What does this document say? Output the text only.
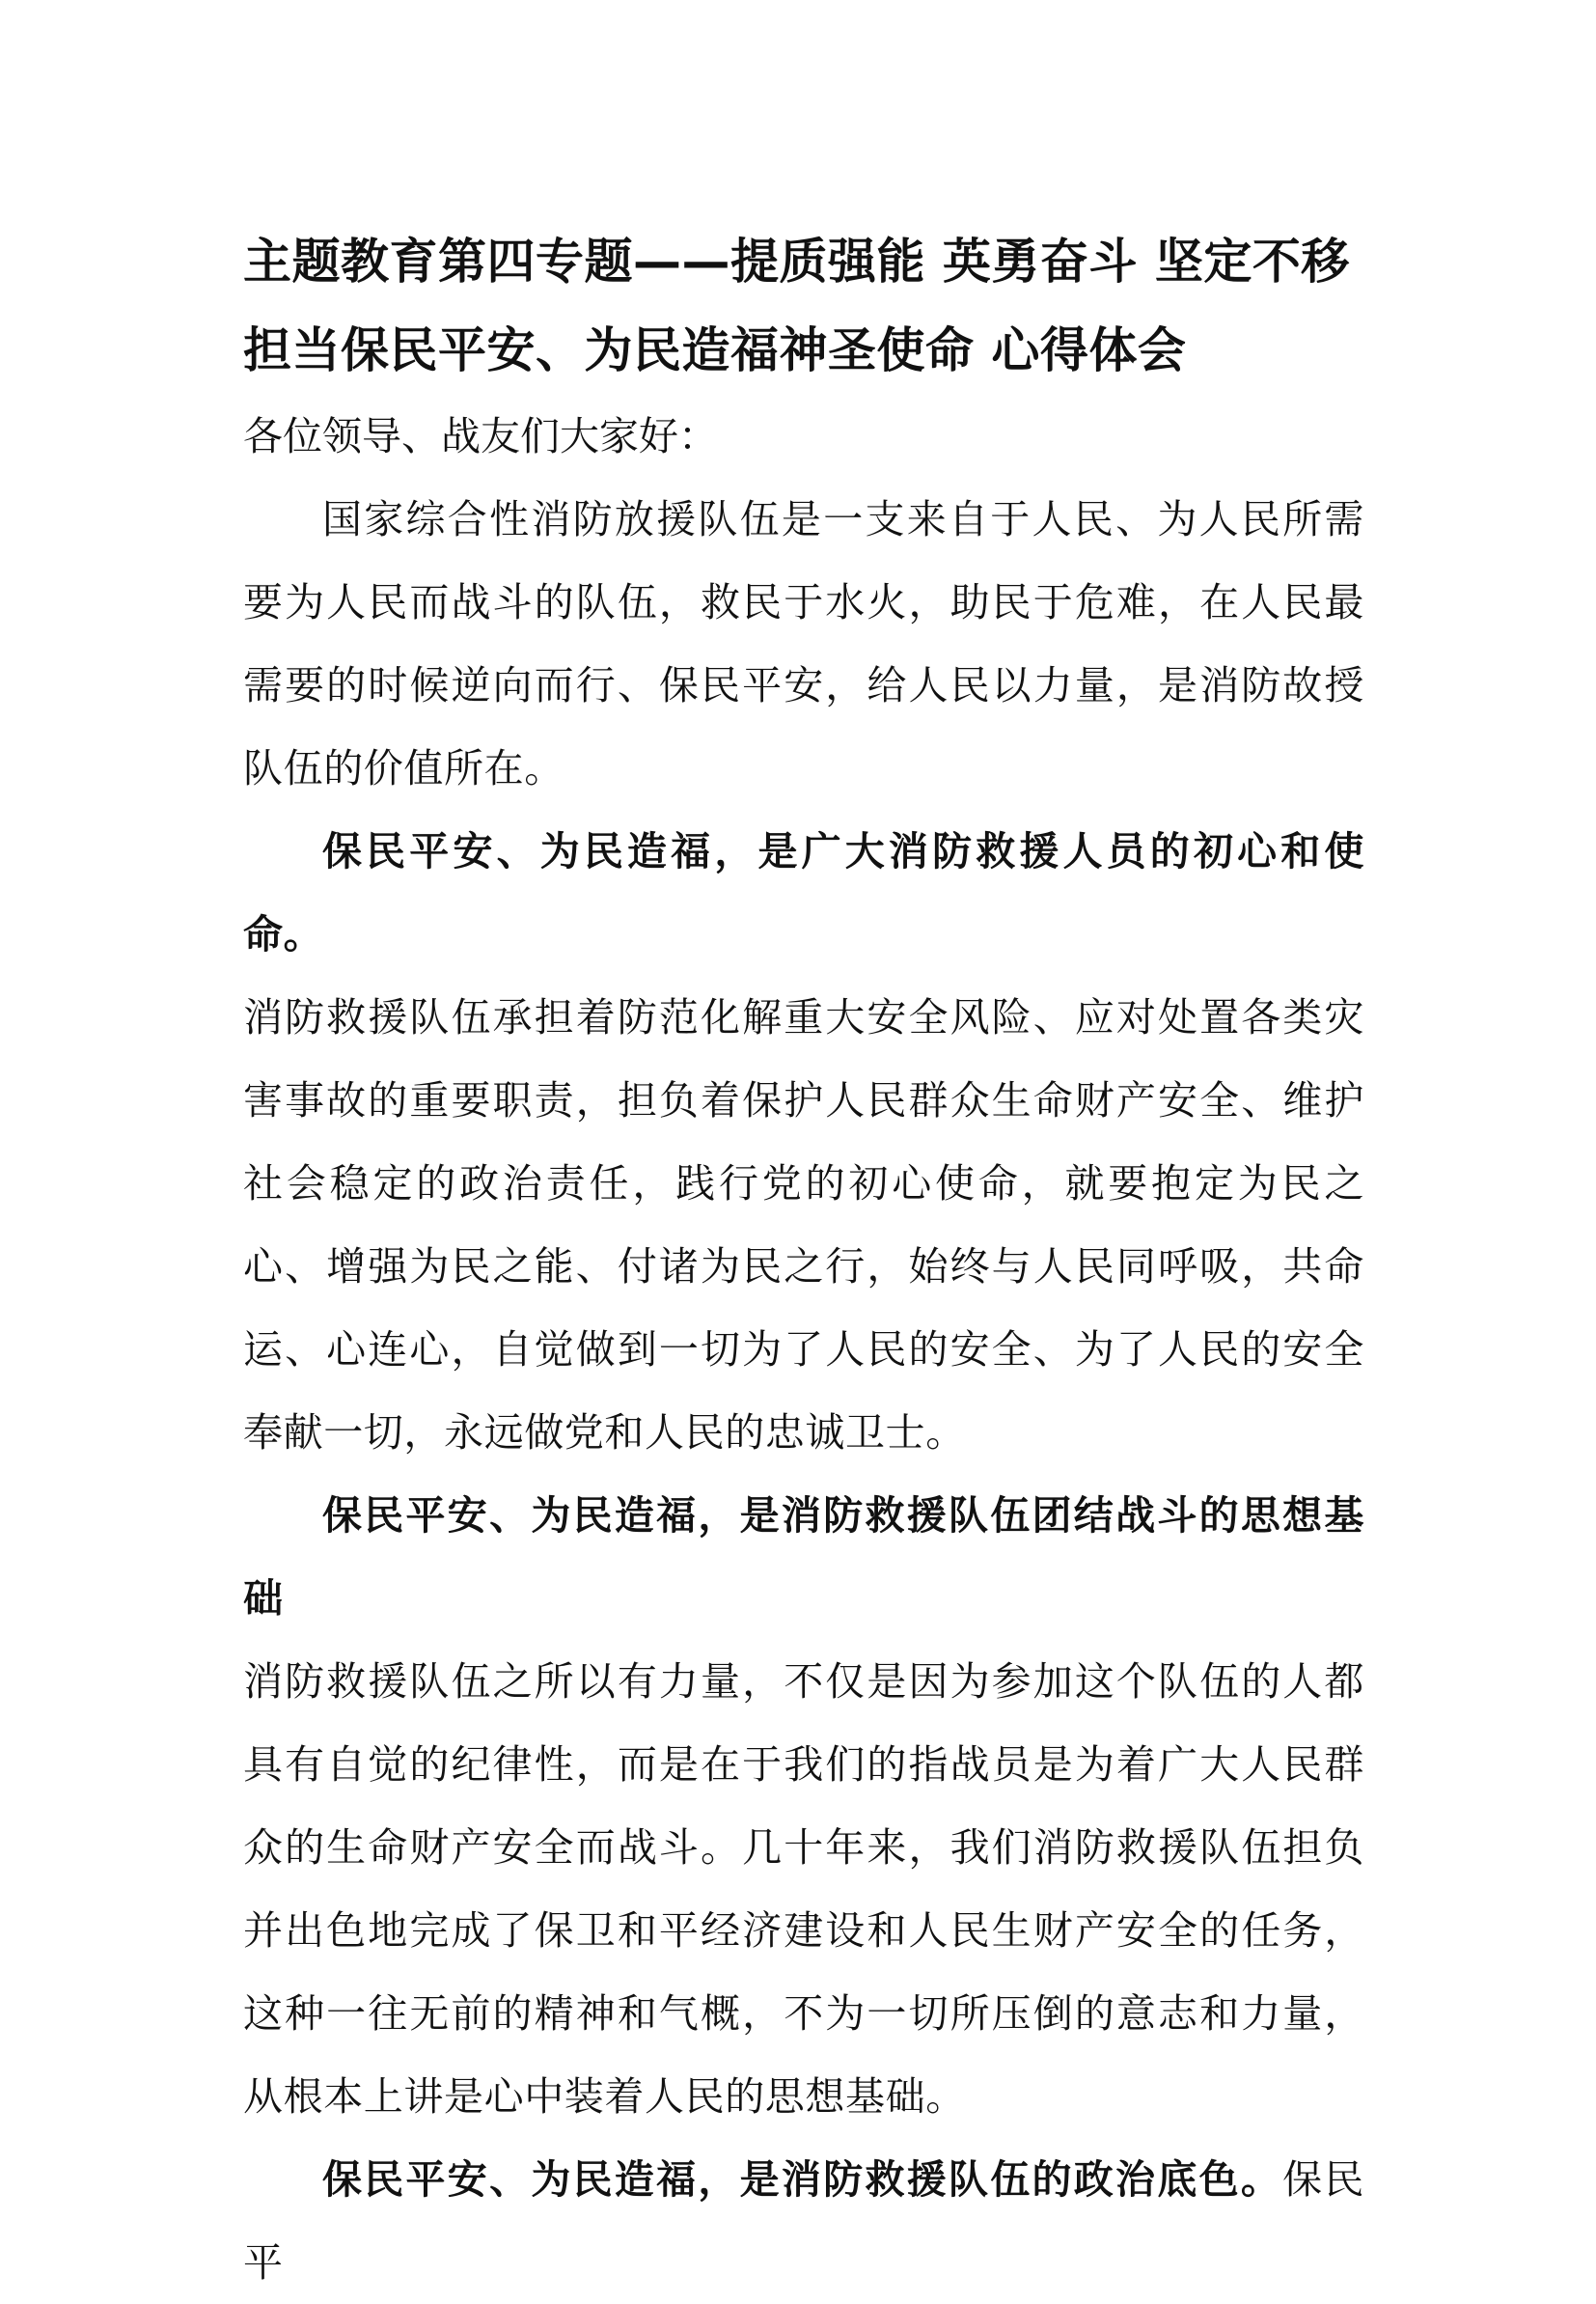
主题教育第四专题——提质强能 英勇奋斗 坚定不移
担当保民平安、为民造福神圣使命 心得体会

各位领导、战友们大家好：

国家综合性消防放援队伍是一支来自于人民、为人民所需要为人民而战斗的队伍，救民于水火，助民于危难，在人民最需要的时候逆向而行、保民平安，给人民以力量，是消防故授队伍的价值所在。

保民平安、为民造福，是广大消防救援人员的初心和使命。

消防救援队伍承担着防范化解重大安全风险、应对处置各类灾害事故的重要职责，担负着保护人民群众生命财产安全、维护社会稳定的政治责任，践行党的初心使命，就要抱定为民之心、增强为民之能、付诸为民之行，始终与人民同呼吸，共命运、心连心，自觉做到一切为了人民的安全、为了人民的安全奉献一切，永远做党和人民的忠诚卫士。

保民平安、为民造福，是消防救援队伍团结战斗的思想基础

消防救援队伍之所以有力量，不仅是因为参加这个队伍的人都具有自觉的纪律性，而是在于我们的指战员是为着广大人民群众的生命财产安全而战斗。几十年来，我们消防救援队伍担负并出色地完成了保卫和平经济建设和人民生财产安全的任务，这种一往无前的精神和气概，不为一切所压倒的意志和力量，从根本上讲是心中装着人民的思想基础。

保民平安、为民造福，是消防救援队伍的政治底色。保民平
